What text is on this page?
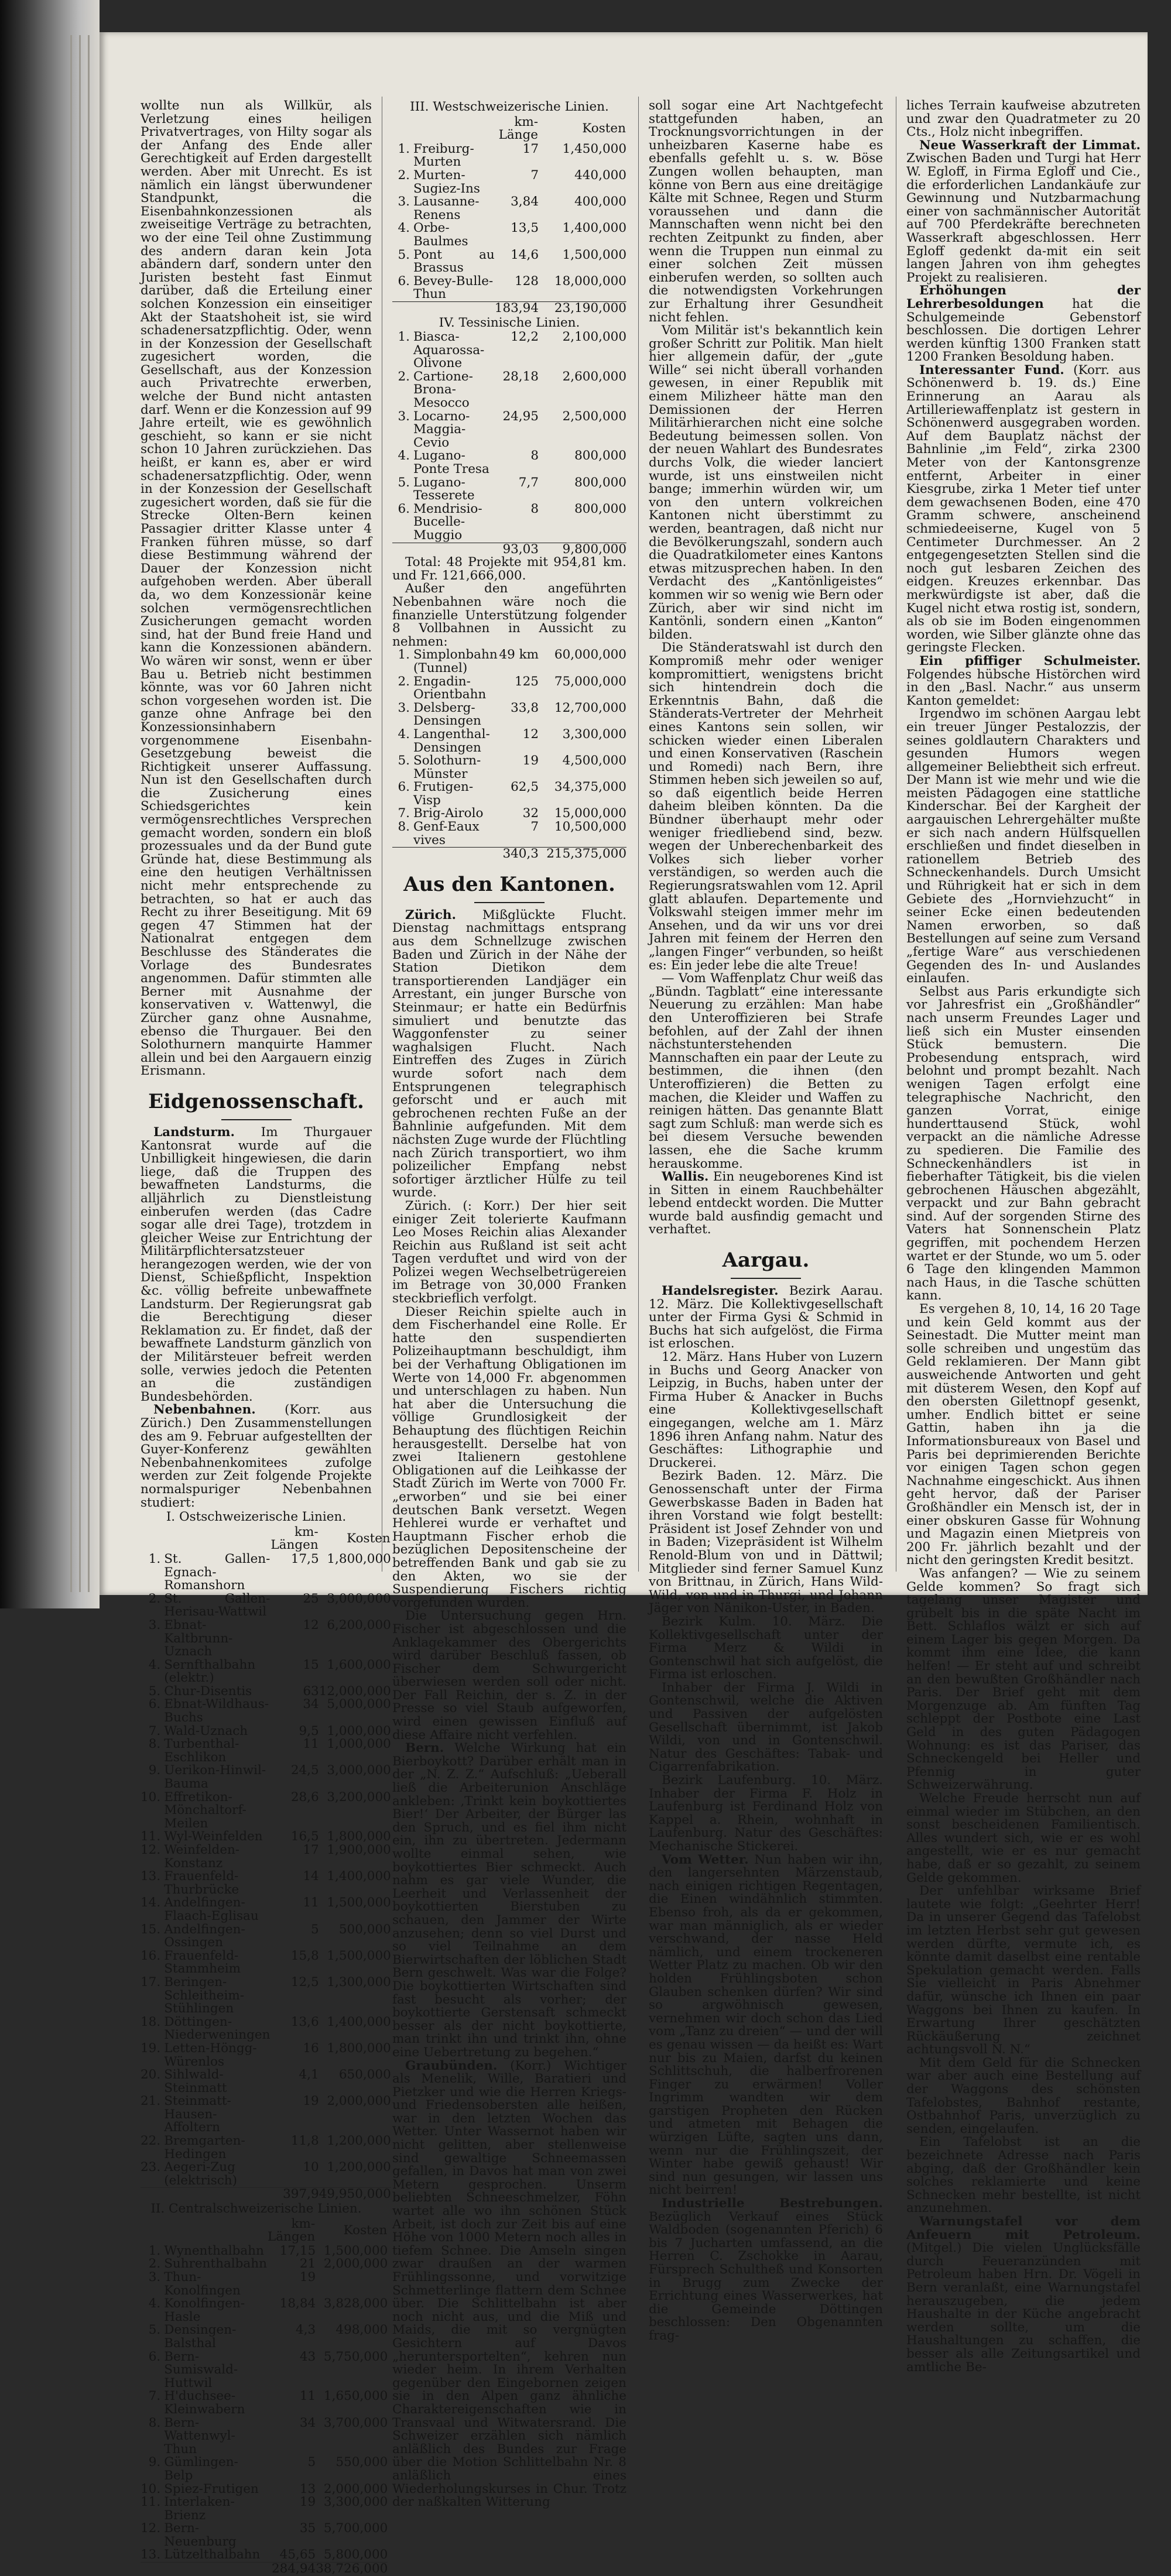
wollte nun als Willkür, als Verletzung eines heiligen Privatvertrages, von Hilty sogar als der Anfang des Ende aller Gerechtigkeit auf Erden dargestellt werden. Aber mit Unrecht. Es ist nämlich ein längst überwundener Standpunkt, die Eisenbahnkonzessionen als zweiseitige Verträge zu betrachten, wo der eine Teil ohne Zustimmung des andern daran kein Jota abändern darf, sondern unter den Juristen besteht fast Einmut darüber, daß die Erteilung einer solchen Konzession ein einseitiger Akt der Staatshoheit ist, sie wird schadenersatzpflichtig. Oder, wenn in der Konzession der Gesellschaft zugesichert worden, die Gesellschaft, aus der Konzession auch Privatrechte erwerben, welche der Bund nicht antasten darf. Wenn er die Konzession auf 99 Jahre erteilt, wie es gewöhnlich geschieht, so kann er sie nicht schon 10 Jahren zurückziehen. Das heißt, er kann es, aber er wird schadenersatzpflichtig. Oder, wenn in der Konzession der Gesellschaft zugesichert worden, daß sie für die Strecke Olten-Bern keinen Passagier dritter Klasse unter 4 Franken führen müsse, so darf diese Bestimmung während der Dauer der Konzession nicht aufgehoben werden. Aber überall da, wo dem Konzessionär keine solchen vermögensrechtlichen Zusicherungen gemacht worden sind, hat der Bund freie Hand und kann die Konzessionen abändern. Wo wären wir sonst, wenn er über Bau u. Betrieb nicht bestimmen könnte, was vor 60 Jahren nicht schon vorgesehen worden ist. Die ganze ohne Anfrage bei den Konzessionsinhabern vorgenommene Eisenbahn-Gesetzgebung beweist die Richtigkeit unserer Auffassung. Nun ist den Gesellschaften durch die Zusicherung eines Schiedsgerichtes kein vermögensrechtliches Versprechen gemacht worden, sondern ein bloß prozessuales und da der Bund gute Gründe hat, diese Bestimmung als eine den heutigen Verhältnissen nicht mehr entsprechende zu betrachten, so hat er auch das Recht zu ihrer Beseitigung. Mit 69 gegen 47 Stimmen hat der Nationalrat entgegen dem Beschlusse des Ständerates die Vorlage des Bundesrates angenommen. Dafür stimmten alle Berner mit Ausnahme der konservativen v. Wattenwyl, die Zürcher ganz ohne Ausnahme, ebenso die Thurgauer. Bei den Solothurnern manquirte Hammer allein und bei den Aargauern einzig Erismann.

Eidgenossenschaft.

Landsturm. Im Thurgauer Kantonsrat wurde auf die Unbilligkeit hingewiesen, die darin liege, daß die Truppen des bewaffneten Landsturms, die alljährlich zu Dienstleistung einberufen werden (das Cadre sogar alle drei Tage), trotzdem in gleicher Weise zur Entrichtung der Militärpflichtersatzsteuer herangezogen werden, wie der von Dienst, Schießpflicht, Inspektion &c. völlig befreite unbewaffnete Landsturm. Der Regierungsrat gab die Berechtigung dieser Reklamation zu. Er findet, daß der bewaffnete Landsturm gänzlich von der Militärsteuer befreit werden solle, verwies jedoch die Petenten an die zuständigen Bundesbehörden.

Nebenbahnen. (Korr. aus Zürich.) Den Zusammenstellungen des am 9. Februar aufgestellten der Guyer-Konferenz gewählten Nebenbahnenkomitees zufolge werden zur Zeit folgende Projekte normalspuriger Nebenbahnen studiert:

I. Ostschweizerische Linien.
		km-Längen	Kosten
1.	St. Gallen-Egnach-Romanshorn	17,5	1,800,000
2.	St. Gallen-Herisau-Wattwil	25	3,000,000
3.	Ebnat-Kaltbrunn-Uznach	12	6,200,000
4.	Sernfthalbahn (elektr.)	15	1,600,000
5.	Chur-Disentis	63	12,000,000
6.	Ebnat-Wildhaus-Buchs	34	5,000,000
7.	Wald-Uznach	9,5	1,000,000
8.	Turbenthal-Eschlikon	11	1,000,000
9.	Uerikon-Hinwil-Bauma	24,5	3,000,000
10.	Effretikon-Mönchaltorf-Meilen	28,6	3,200,000
11.	Wyl-Weinfelden	16,5	1,800,000
12.	Weinfelden-Konstanz	17	1,900,000
13.	Frauenfeld-Thurbrücke	14	1,400,000
14.	Andelfingen-Flaach-Eglisau	11	1,500,000
15.	Andelfingen-Ossingen	5	500,000
16.	Frauenfeld-Stammheim	15,8	1,500,000
17.	Beringen-Schleitheim-Stühlingen	12,5	1,300,000
18.	Döttingen-Niederweningen	13,6	1,400,000
19.	Letten-Höngg-Würenlos	16	1,800,000
20.	Sihlwald-Steinmatt	4,1	650,000
21.	Steinmatt-Hausen-Affoltern	19	2,000,000
22.	Bremgarten-Hedingen	11,8	1,200,000
23.	Aegeri-Zug (elektrisch)	10	1,200,000
		397,9	49,950,000
II. Centralschweizerische Linien.
		km-Längen	Kosten
1.	Wynenthalbahn	17,15	1,500,000
2.	Suhrenthalbahn	21	2,000,000
3.	Thun-Konolfingen	19	
4.	Konolfingen-Hasle	18,84	3,828,000
5.	Densingen-Balsthal	4,3	498,000
6.	Bern-Sumiswald-Huttwil	43	5,750,000
7.	H'duchsee-Kleinwabern	11	1,650,000
8.	Bern-Wattenwyl-Thun	34	3,700,000
9.	Gümlingen-Belp	5	550,000
10.	Spiez-Frutigen	13	2,000,000
11.	Interlaken-Brienz	19	3,300,000
12.	Bern-Neuenburg	35	5,700,000
13.	Lützelthalbahn	45,65	5,800,000
		284,94	38,726,000
III. Westschweizerische Linien.
		km-Länge	Kosten
1.	Freiburg-Murten	17	1,450,000
2.	Murten-Sugiez-Ins	7	440,000
3.	Lausanne-Renens	3,84	400,000
4.	Orbe-Baulmes	13,5	1,400,000
5.	Pont au Brassus	14,6	1,500,000
6.	Bevey-Bulle-Thun	128	18,000,000
		183,94	23,190,000
IV. Tessinische Linien.
1.	Biasca-Aquarossa-Olivone	12,2	2,100,000
2.	Cartione-Brona-Mesocco	28,18	2,600,000
3.	Locarno-Maggia-Cevio	24,95	2,500,000
4.	Lugano-Ponte Tresa	8	800,000
5.	Lugano-Tesserete	7,7	800,000
6.	Mendrisio-Bucelle-Muggio	8	800,000
		93,03	9,800,000

Total: 48 Projekte mit 954,81 km. und Fr. 121,666,000.

Außer den angeführten Nebenbahnen wäre noch die finanzielle Unterstützung folgender 8 Vollbahnen in Aussicht zu nehmen:

1.	Simplonbahn (Tunnel)	49 km	60,000,000
2.	Engadin-Orientbahn	125	75,000,000
3.	Delsberg-Densingen	33,8	12,700,000
4.	Langenthal-Densingen	12	3,300,000
5.	Solothurn-Münster	19	4,500,000
6.	Frutigen-Visp	62,5	34,375,000
7.	Brig-Airolo	32	15,000,000
8.	Genf-Eaux vives	7	10,500,000
		340,3	215,375,000
Aus den Kantonen.

Zürich. Mißglückte Flucht. Dienstag nachmittags entsprang aus dem Schnellzuge zwischen Baden und Zürich in der Nähe der Station Dietikon dem transportierenden Landjäger ein Arrestant, ein junger Bursche von Steinmaur; er hatte ein Bedürfnis simuliert und benutzte das Waggonfenster zu seiner waghalsigen Flucht. Nach Eintreffen des Zuges in Zürich wurde sofort nach dem Entsprungenen telegraphisch geforscht und er auch mit gebrochenen rechten Fuße an der Bahnlinie aufgefunden. Mit dem nächsten Zuge wurde der Flüchtling nach Zürich transportiert, wo ihm polizeilicher Empfang nebst sofortiger ärztlicher Hülfe zu teil wurde.

Zürich. (: Korr.) Der hier seit einiger Zeit tolerierte Kaufmann Leo Moses Reichin alias Alexander Reichin aus Rußland ist seit acht Tagen verduftet und wird von der Polizei wegen Wechselbetrügereien im Betrage von 30,000 Franken steckbrieflich verfolgt.

Dieser Reichin spielte auch in dem Fischerhandel eine Rolle. Er hatte den suspendierten Polizeihauptmann beschuldigt, ihm bei der Verhaftung Obligationen im Werte von 14,000 Fr. abgenommen und unterschlagen zu haben. Nun hat aber die Untersuchung die völlige Grundlosigkeit der Behauptung des flüchtigen Reichin herausgestellt. Derselbe hat von zwei Italienern gestohlene Obligationen auf die Leihkasse der Stadt Zürich im Werte von 7000 Fr. „erworben“ und sie bei einer deutschen Bank versetzt. Wegen Hehlerei wurde er verhaftet und Hauptmann Fischer erhob die bezüglichen Depositenscheine der betreffenden Bank und gab sie zu den Akten, wo sie der Suspendierung Fischers richtig vorgefunden wurden.

Die Untersuchung gegen Hrn. Fischer ist abgeschlossen und die Anklagekammer des Obergerichts wird darüber Beschluß fassen, ob Fischer dem Schwurgericht überwiesen werden soll oder nicht. Der Fall Reichin, der s. Z. in der Presse so viel Staub aufgeworfen, wird einen gewissen Einfluß auf diese Affaire nicht verfehlen.

Bern. Welche Wirkung hat ein Bierboykott? Darüber erhält man in der „N. Z. Z.“ Aufschluß: „Ueberall ließ die Arbeiterunion Anschläge ankleben: ‚Trinkt kein boykottiertes Bier!‘ Der Arbeiter, der Bürger las den Spruch, und es fiel ihm nicht ein, ihn zu übertreten. Jedermann wollte einmal sehen, wie boykottiertes Bier schmeckt. Auch nahm es gar viele Wunder, die Leerheit und Verlassenheit der boykottierten Bierstuben zu schauen, den Jammer der Wirte anzusehen; denn so viel Durst und so viel Teilnahme an dem Bierwirtschaften der löblichen Stadt Bern geschwelt. Was war die Folge? Die boykottierten Wirtschaften sind fast besucht als vorher; der boykottierte Gerstensaft schmeckt besser als der nicht boykottierte, man trinkt ihn und trinkt ihn, ohne eine Uebertretung zu begehen.“

Graubünden. (Korr.) Wichtiger als Menelik, Wille, Baratieri und Pietzker und wie die Herren Kriegs- und Friedensobersten alle heißen, war in den letzten Wochen das Wetter. Unter Wassernot haben wir nicht gelitten, aber stellenweise sind gewaltige Schneemassen gefallen, in Davos hat man von zwei Metern gesprochen. Unserm beliebten Schneeschmelzer, Föhn wartet alle wo ihn schönen Stück Arbeit, ist doch zur Zeit bis auf eine Höhe von 1000 Metern noch alles in tiefem Schnee. Die Amseln singen zwar draußen an der warmen Frühlingssonne, und vorwitzige Schmetterlinge flattern dem Schnee über. Die Schlittelbahn ist aber noch nicht aus, und die Miß und Maids, die mit so vergnügten Gesichtern auf Davos „heruntersportelten“, kehren nun wieder heim. In ihrem Verhalten gegenüber den Eingebornen zeigen sie in den Alpen ganz ähnliche Charaktereigenschaften wie in Transvaal und Witwatersrand. Die Schweizer erzählen sich nämlich anläßlich des Bundes zur Frage über die Motion Schlittelbahn Nr. 8 anläßlich eines Wiederholungskurses in Chur. Trotz der naßkalten Witterung

soll sogar eine Art Nachtgefecht stattgefunden haben, an Trocknungsvorrichtungen in der unheizbaren Kaserne habe es ebenfalls gefehlt u. s. w. Böse Zungen wollen behaupten, man könne von Bern aus eine dreitägige Kälte mit Schnee, Regen und Sturm voraussehen und dann die Mannschaften wenn nicht bei den rechten Zeitpunkt zu finden, aber wenn die Truppen nun einmal zu einer solchen Zeit müssen einberufen werden, so sollten auch die notwendigsten Vorkehrungen zur Erhaltung ihrer Gesundheit nicht fehlen.

Vom Militär ist's bekanntlich kein großer Schritt zur Politik. Man hielt hier allgemein dafür, der „gute Wille“ sei nicht überall vorhanden gewesen, in einer Republik mit einem Milizheer hätte man den Demissionen der Herren Militärhierarchen nicht eine solche Bedeutung beimessen sollen. Von der neuen Wahlart des Bundesrates durchs Volk, die wieder lanciert wurde, ist uns einstweilen nicht bange; immerhin würden wir, um von den untern volkreichen Kantonen nicht überstimmt zu werden, beantragen, daß nicht nur die Bevölkerungszahl, sondern auch die Quadratkilometer eines Kantons etwas mitzusprechen haben. In den Verdacht des „Kantönligeistes“ kommen wir so wenig wie Bern oder Zürich, aber wir sind nicht im Kantönli, sondern einen „Kanton“ bilden.

Die Ständeratswahl ist durch den Kompromiß mehr oder weniger kompromittiert, wenigstens bricht sich hintendrein doch die Erkenntnis Bahn, daß die Ständerats-Vertreter der Mehrheit eines Kantons sein sollen, wir schicken wieder einen Liberalen und einen Konservativen (Raschein und Romedi) nach Bern, ihre Stimmen heben sich jeweilen so auf, so daß eigentlich beide Herren daheim bleiben könnten. Da die Bündner überhaupt mehr oder weniger friedliebend sind, bezw. wegen der Unberechenbarkeit des Volkes sich lieber vorher verständigen, so werden auch die Regierungsratswahlen vom 12. April glatt ablaufen. Departemente und Volkswahl steigen immer mehr im Ansehen, und da wir uns vor drei Jahren mit feinem der Herren den „langen Finger“ verbunden, so heißt es: Ein jeder lebe die alte Treue!

— Vom Waffenplatz Chur weiß das „Bündn. Tagblatt“ eine interessante Neuerung zu erzählen: Man habe den Unteroffizieren bei Strafe befohlen, auf der Zahl der ihnen nächstunterstehenden Mannschaften ein paar der Leute zu bestimmen, die ihnen (den Unteroffizieren) die Betten zu machen, die Kleider und Waffen zu reinigen hätten. Das genannte Blatt sagt zum Schluß: man werde sich es bei diesem Versuche bewenden lassen, ehe die Sache krumm herauskomme.

Wallis. Ein neugeborenes Kind ist in Sitten in einem Rauchbehälter lebend entdeckt worden. Die Mutter wurde bald ausfindig gemacht und verhaftet.

Aargau.

Handelsregister. Bezirk Aarau. 12. März. Die Kollektivgesellschaft unter der Firma Gysi & Schmid in Buchs hat sich aufgelöst, die Firma ist erloschen.

12. März. Hans Huber von Luzern in Buchs und Georg Anacker von Leipzig, in Buchs, haben unter der Firma Huber & Anacker in Buchs eine Kollektivgesellschaft eingegangen, welche am 1. März 1896 ihren Anfang nahm. Natur des Geschäftes: Lithographie und Druckerei.

Bezirk Baden. 12. März. Die Genossenschaft unter der Firma Gewerbskasse Baden in Baden hat ihren Vorstand wie folgt bestellt: Präsident ist Josef Zehnder von und in Baden; Vizepräsident ist Wilhelm Renold-Blum von und in Dättwil; Mitglieder sind ferner Samuel Kunz von Brittnau, in Zürich, Hans Wild-Wild, von und in Thurgi, und Johann Jäger von Nänikon-Uster, in Baden.

Bezirk Kulm. 10. März. Die Kollektivgesellschaft unter der Firma Merz & Wildi in Gontenschwil hat sich aufgelöst, die Firma ist erloschen.

Inhaber der Firma J. Wildi in Gontenschwil, welche die Aktiven und Passiven der aufgelösten Gesellschaft übernimmt, ist Jakob Wildi, von und in Gontenschwil. Natur des Geschäftes: Tabak- und Cigarrenfabrikation.

Bezirk Laufenburg. 10. März. Inhaber der Firma F. Holz in Laufenburg ist Ferdinand Holz von Kappel a. Rhein, wohnhaft in Laufenburg. Natur des Geschäftes: Mechanische Stickerei.

Vom Wetter. Nun haben wir ihn, den langersehnten Märzenstaub, nach einigen richtigen Regentagen, die Einen windähnlich stimmten. Ebenso froh, als da er gekommen, war man männiglich, als er wieder verschwand, der nasse Held nämlich, und einem trockeneren Wetter Platz zu machen. Ob wir den holden Frühlingsboten schon Glauben schenken dürfen? Wir sind so argwöhnisch gewesen, vernehmen wir doch schon das Lied vom „Tanz zu dreien“ — und der will es genau wissen — da heißt es: Wart nur bis zu Maien, darfst du keinen Schlittschuh, die halberfrorenen Finger zu erwärmen! Voller Ingrimm wandten wir dem garstigen Propheten den Rücken und atmeten mit Behagen die würzigen Lüfte, sagten uns dann, wenn nur die Frühlingszeit, der Winter habe gewiß gehaust! Wir sind nun gesungen, wir lassen uns nicht beirren!

Industrielle Bestrebungen. Bezüglich Verkauf eines Stück Waldboden (sogenannten Pferich) 6 bis 7 Jucharten umfassend, an die Herren C. Zschokke in Aarau, Fürsprech Schultheß und Konsorten in Brugg zum Zwecke der Errichtung eines Wasserwerkes, hat die Gemeinde Döttingen beschlossen: Den Obgenannten frag-

liches Terrain kaufweise abzutreten und zwar den Quadratmeter zu 20 Cts., Holz nicht inbegriffen.

Neue Wasserkraft der Limmat. Zwischen Baden und Turgi hat Herr W. Egloff, in Firma Egloff und Cie., die erforderlichen Landankäufe zur Gewinnung und Nutzbarmachung einer von sachmännischer Autorität auf 700 Pferdekräfte berechneten Wasserkraft abgeschlossen. Herr Egloff gedenkt da-mit ein seit langen Jahren von ihm gehegtes Projekt zu realisieren.

Erhöhungen der Lehrerbesoldungen hat die Schulgemeinde Gebenstorf beschlossen. Die dortigen Lehrer werden künftig 1300 Franken statt 1200 Franken Besoldung haben.

Interessanter Fund. (Korr. aus Schönenwerd b. 19. ds.) Eine Erinnerung an Aarau als Artilleriewaffenplatz ist gestern in Schönenwerd ausgegraben worden. Auf dem Bauplatz nächst der Bahnlinie „im Feld“, zirka 2300 Meter von der Kantonsgrenze entfernt, Arbeiter in einer Kiesgrube, zirka 1 Meter tief unter dem gewachsenen Boden, eine 470 Gramm schwere, anscheinend schmiedeeiserne, Kugel von 5 Centimeter Durchmesser. An 2 entgegengesetzten Stellen sind die noch gut lesbaren Zeichen des eidgen. Kreuzes erkennbar. Das merkwürdigste ist aber, daß die Kugel nicht etwa rostig ist, sondern, als ob sie im Boden eingenommen worden, wie Silber glänzte ohne das geringste Flecken.

Ein pfiffiger Schulmeister. Folgendes hübsche Histörchen wird in den „Basl. Nachr.“ aus unserm Kanton gemeldet:

Irgendwo im schönen Aargau lebt ein treuer Jünger Pestalozzis, der seines goldlautern Charakters und gesunden Humors wegen allgemeiner Beliebtheit sich erfreut. Der Mann ist wie mehr und wie die meisten Pädagogen eine stattliche Kinderschar. Bei der Kargheit der aargauischen Lehrergehälter mußte er sich nach andern Hülfsquellen erschließen und findet dieselben in rationellem Betrieb des Schneckenhandels. Durch Umsicht und Rührigkeit hat er sich in dem Gebiete des „Hornviehzucht“ in seiner Ecke einen bedeutenden Namen erworben, so daß Bestellungen auf seine zum Versand „fertige Ware“ aus verschiedenen Gegenden des In- und Auslandes einlaufen.

Selbst aus Paris erkundigte sich vor Jahresfrist ein „Großhändler“ nach unserm Freundes Lager und ließ sich ein Muster einsenden Stück bemustern. Die Probesendung entsprach, wird belohnt und prompt bezahlt. Nach wenigen Tagen erfolgt eine telegraphische Nachricht, den ganzen Vorrat, einige hunderttausend Stück, wohl verpackt an die nämliche Adresse zu spedieren. Die Familie des Schneckenhändlers ist in fieberhafter Tätigkeit, bis die vielen gebrochenen Häuschen abgezählt, verpackt und zur Bahn gebracht sind. Auf der sorgenden Stirne des Vaters hat Sonnenschein Platz gegriffen, mit pochendem Herzen wartet er der Stunde, wo um 5. oder 6 Tage den klingenden Mammon nach Haus, in die Tasche schütten kann.

Es vergehen 8, 10, 14, 16 20 Tage und kein Geld kommt aus der Seinestadt. Die Mutter meint man solle schreiben und ungestüm das Geld reklamieren. Der Mann gibt ausweichende Antworten und geht mit düsterem Wesen, den Kopf auf den obersten Gilettnopf gesenkt, umher. Endlich bittet er seine Gattin, haben ihn ja die Informationsbureaux von Basel und Paris bei deprimierenden Berichte vor einigen Tagen schon gegen Nachnahme eingeschickt. Aus ihnen geht hervor, daß der Pariser Großhändler ein Mensch ist, der in einer obskuren Gasse für Wohnung und Magazin einen Mietpreis von 200 Fr. jährlich bezahlt und der nicht den geringsten Kredit besitzt.

Was anfangen? — Wie zu seinem Gelde kommen? So fragt sich tagelang unser Magister und grübelt bis in die späte Nacht im Bett. Schlaflos wälzt er sich auf einem Lager bis gegen Morgen. Da kommt ihm eine Idee, die kann helfen! — Er steht auf und schreibt an den bewußten Großhändler nach Paris. Der Brief geht mit dem Morgenzuge ab. Am fünften Tag schleppt der Postbote eine Last Geld in des guten Pädagogen Wohnung: es ist das Pariser, das Schneckengeld bei Heller und Pfennig in guter Schweizerwährung.

Welche Freude herrscht nun auf einmal wieder im Stübchen, an den sonst bescheidenen Familientisch. Alles wundert sich, wie er es wohl angestellt, wie er es nur gemacht habe, daß er so gezahlt, zu seinem Gelde gekommen.

Der unfehlbar wirksame Brief lautete wie folgt: „Geehrter Herr! Da in unserer Gegend das Tafelobst im letzten Herbst sehr gut gewesen werden dürfte, vermute ich, es könnte damit daselbst eine rentable Spekulation gemacht werden. Falls Sie vielleicht in Paris Abnehmer dafür, wünsche ich Ihnen ein paar Waggons bei Ihnen zu kaufen. In Erwartung Ihrer geschätzten Rückäußerung zeichnet achtungsvoll N. N.“

Mit dem Geld für die Schnecken war aber auch eine Bestellung auf der Waggons des schönsten Tafelobstes, Bahnhof restante, Ostbahnhof Paris, unverzüglich zu senden, eingelaufen.

Ein Tafelobst ist an die bezeichnete Adresse nach Paris abging, daß der Großhändler kein solches reklamierte und keine Schnecken mehr bestellte, ist nicht anzunehmen.

Warnungstafel vor dem Anfeuern mit Petroleum. (Mitgel.) Die vielen Unglücksfälle durch Feueranzünden mit Petroleum haben Hrn. Dr. Vögeli in Bern veranlaßt, eine Warnungstafel herauszugeben, die jedem Haushalte in der Küche angebracht werden sollte, um die Haushaltungen zu schaffen, die besser als alle Zeitungsartikel und amtliche Be-
